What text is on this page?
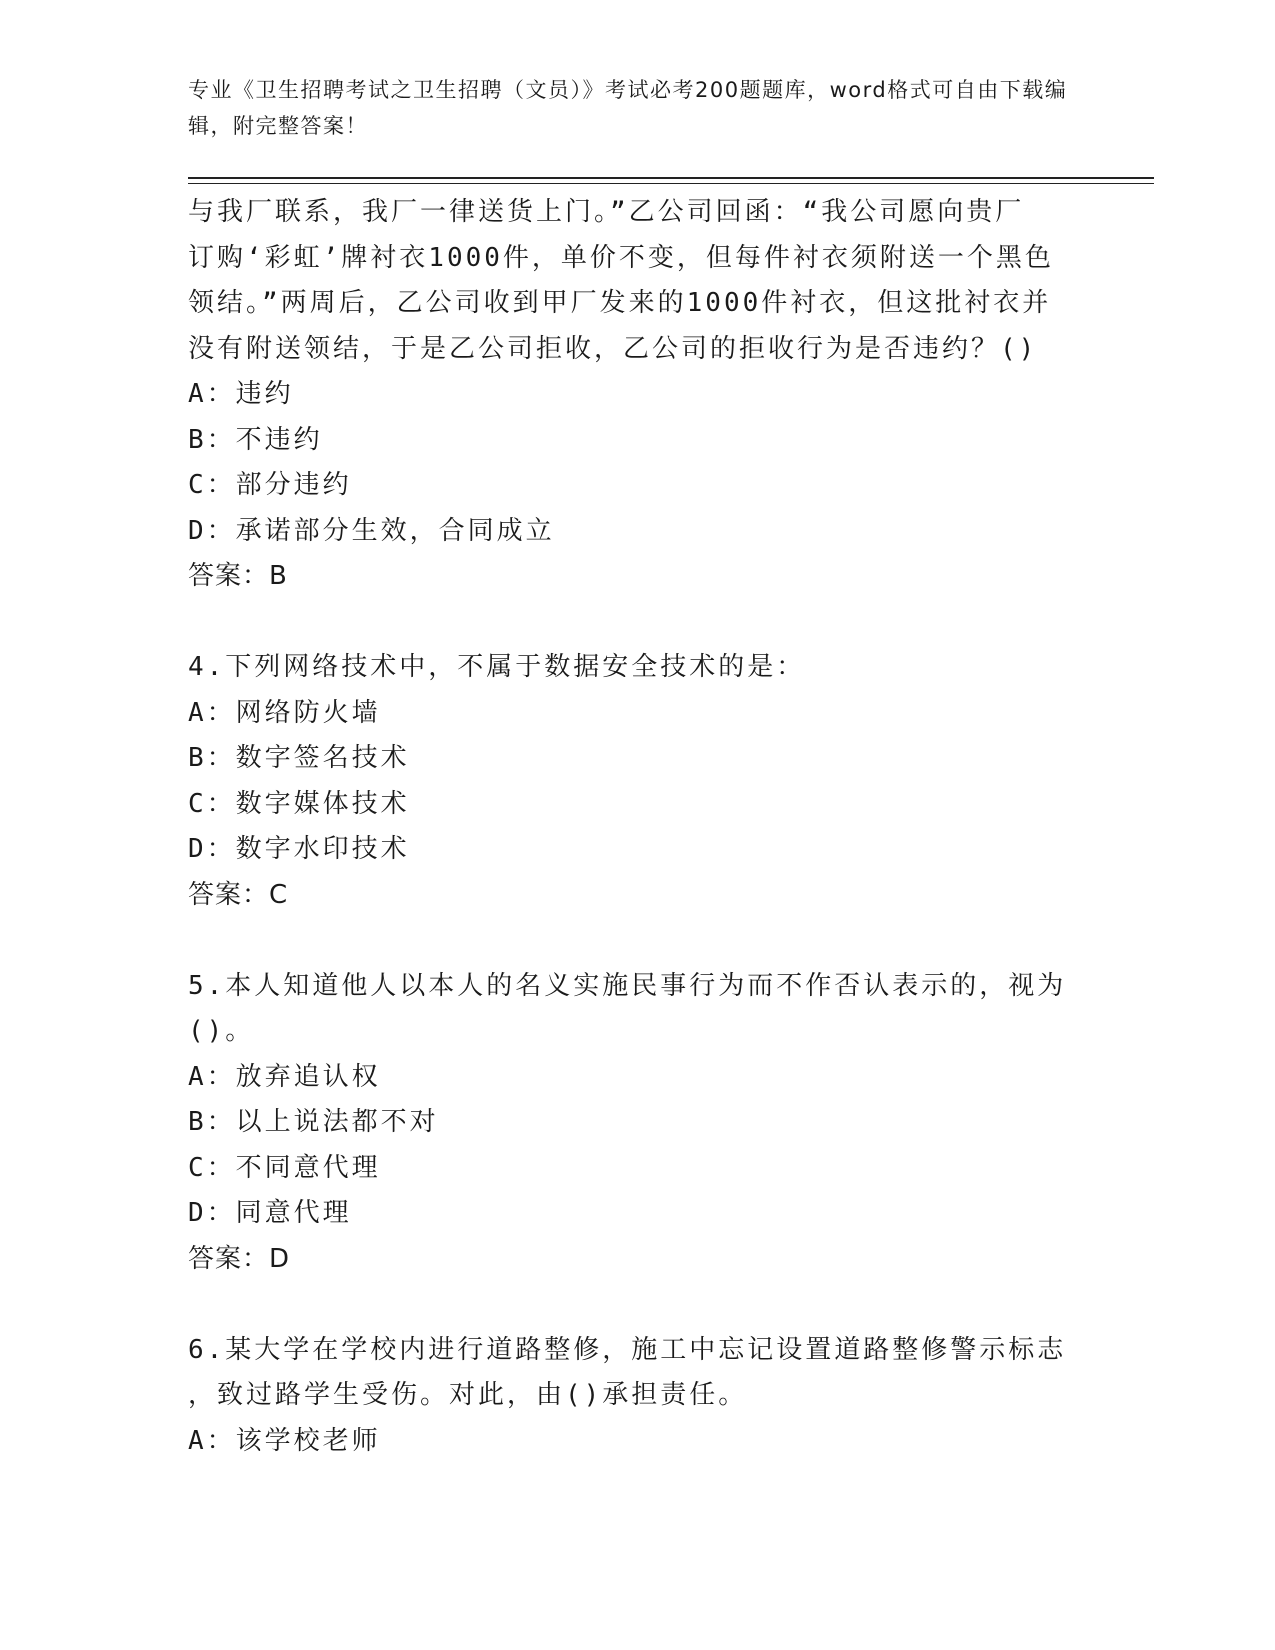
专业《卫生招聘考试之卫生招聘（文员）》考试必考200题题库，word格式可自由下载编辑，附完整答案！
与我厂联系，我厂一律送货上门。”乙公司回函：“我公司愿向贵厂
订购‘彩虹’牌衬衣1000件，单价不变，但每件衬衣须附送一个黑色
领结。”两周后，乙公司收到甲厂发来的1000件衬衣，但这批衬衣并
没有附送领结，于是乙公司拒收，乙公司的拒收行为是否违约？()
A：违约
B：不违约
C：部分违约
D：承诺部分生效，合同成立
答案：B
4.下列网络技术中，不属于数据安全技术的是：
A：网络防火墙
B：数字签名技术
C：数字媒体技术
D：数字水印技术
答案：C
5.本人知道他人以本人的名义实施民事行为而不作否认表示的，视为
()。
A：放弃追认权
B：以上说法都不对
C：不同意代理
D：同意代理
答案：D
6.某大学在学校内进行道路整修，施工中忘记设置道路整修警示标志
，致过路学生受伤。对此，由()承担责任。
A：该学校老师
